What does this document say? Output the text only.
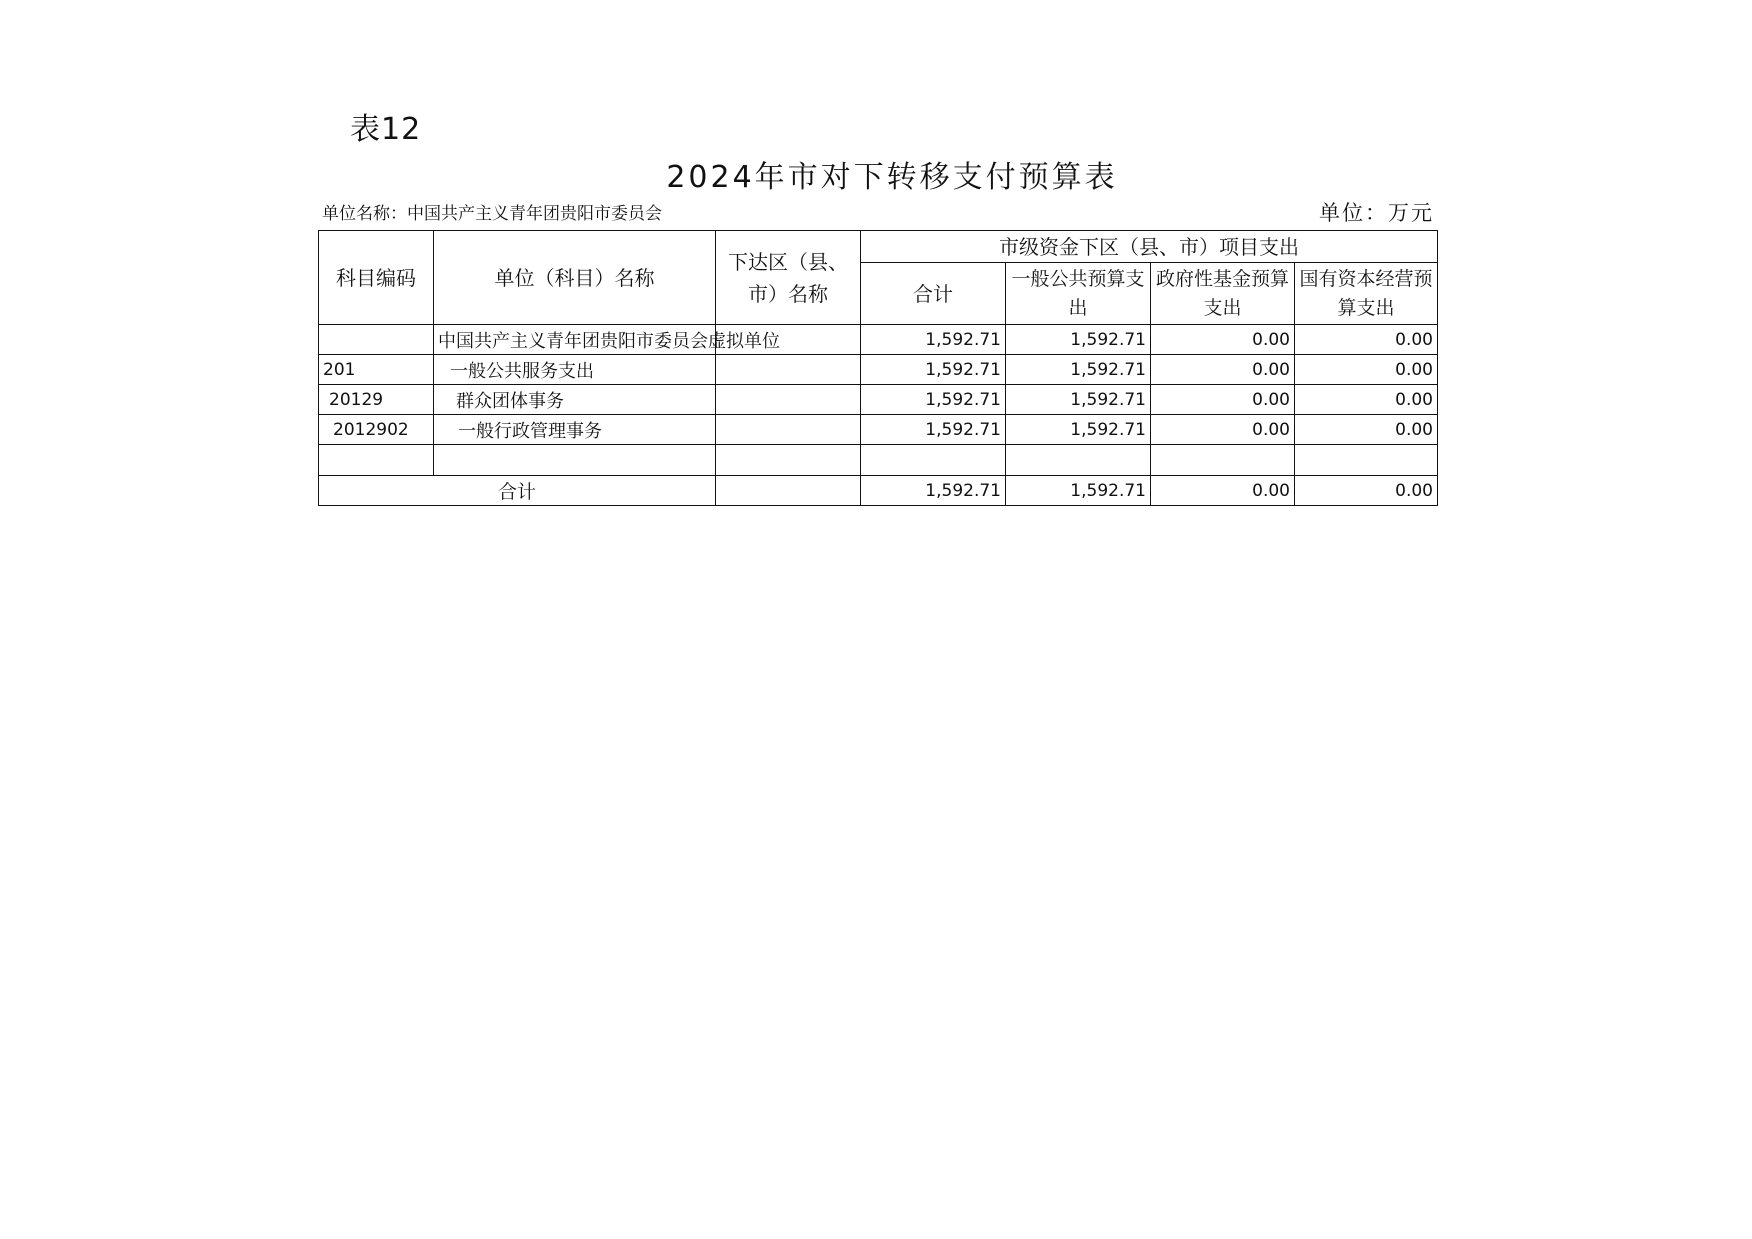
表12
2024年市对下转移支付预算表
单位名称：中国共产主义青年团贵阳市委员会	单位：万元
科目编码	单位（科目）名称	下达区（县、市）名称	市级资金下区（县、市）项目支出			
			合计	一般公共预算支出	政府性基金预算支出	国有资本经营预算支出
	中国共产主义青年团贵阳市委员会虚拟单位		1,592.71	1,592.71	0.00	0.00
201	一般公共服务支出		1,592.71	1,592.71	0.00	0.00
20129	群众团体事务		1,592.71	1,592.71	0.00	0.00
2012902	一般行政管理事务		1,592.71	1,592.71	0.00	0.00

合计			1,592.71	1,592.71	0.00	0.00
